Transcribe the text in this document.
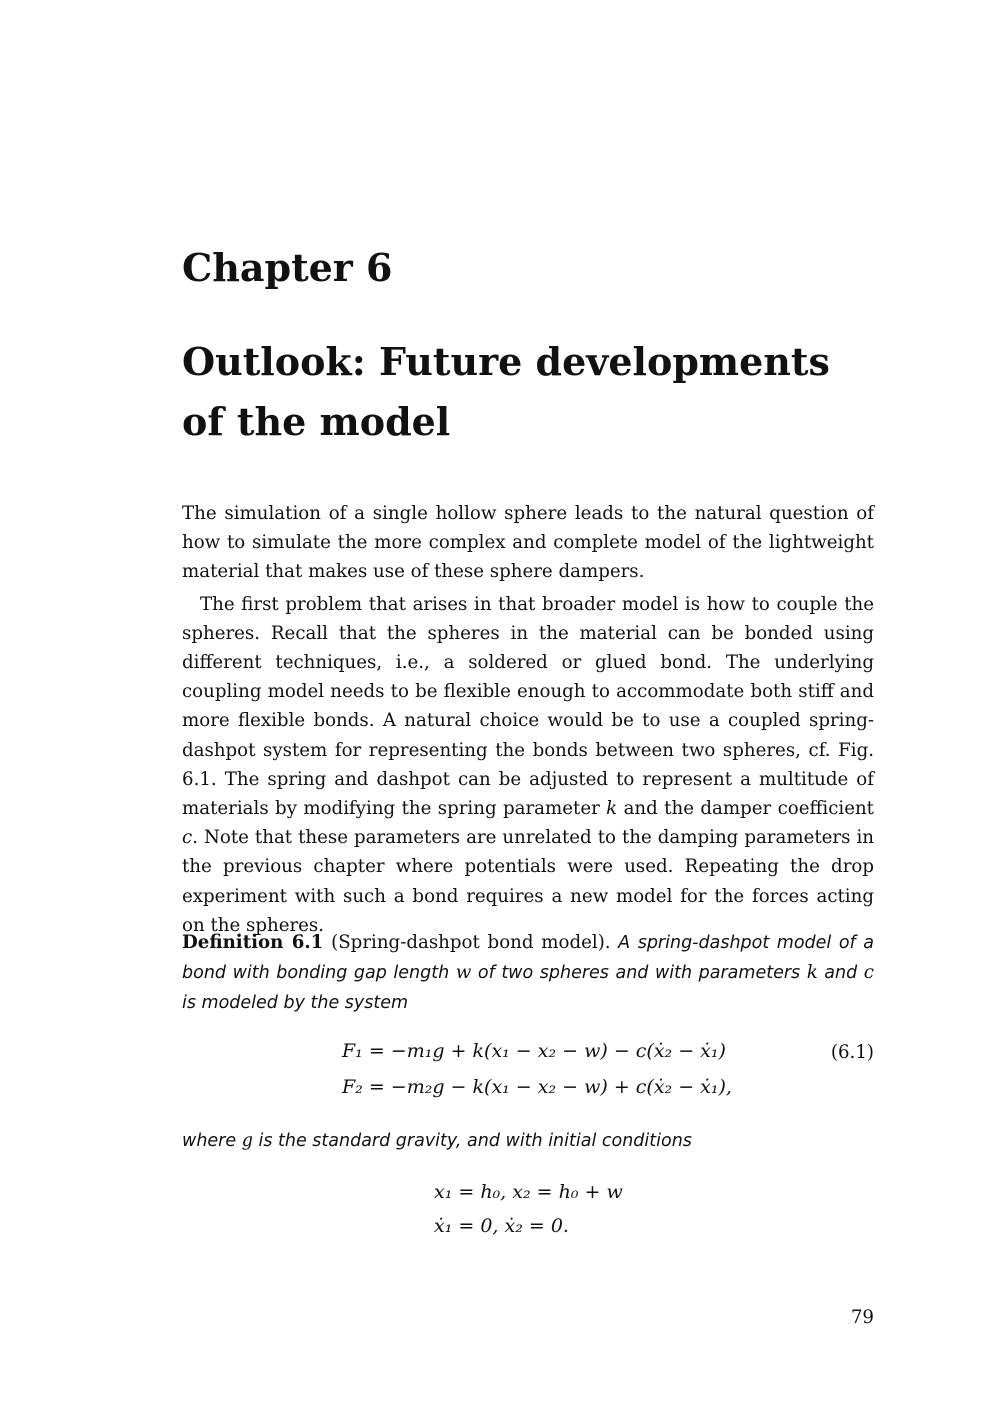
Chapter 6
Outlook: Future developments
of the model

The simulation of a single hollow sphere leads to the natural question of how to simulate the more complex and complete model of the lightweight material that makes use of these sphere dampers.

The first problem that arises in that broader model is how to couple the spheres. Recall that the spheres in the material can be bonded using different techniques, i.e., a soldered or glued bond. The underlying coupling model needs to be flexible enough to accommodate both stiff and more flexible bonds. A natural choice would be to use a coupled spring-dashpot system for representing the bonds between two spheres, cf. Fig. 6.1. The spring and dashpot can be adjusted to represent a multitude of materials by modifying the spring parameter k and the damper coefficient c. Note that these parameters are unrelated to the damping parameters in the previous chapter where potentials were used. Repeating the drop experiment with such a bond requires a new model for the forces acting on the spheres.

Definition 6.1 (Spring-dashpot bond model). A spring-dashpot model of a bond with bonding gap length w of two spheres and with parameters k and c is modeled by the system
F₁ = −m₁g + k(x₁ − x₂ − w) − c(ẋ₂ − ẋ₁)
F₂ = −m₂g − k(x₁ − x₂ − w) + c(ẋ₂ − ẋ₁),
(6.1)
where g is the standard gravity, and with initial conditions
x₁ = h₀, x₂ = h₀ + w
ẋ₁ = 0, ẋ₂ = 0.
79
